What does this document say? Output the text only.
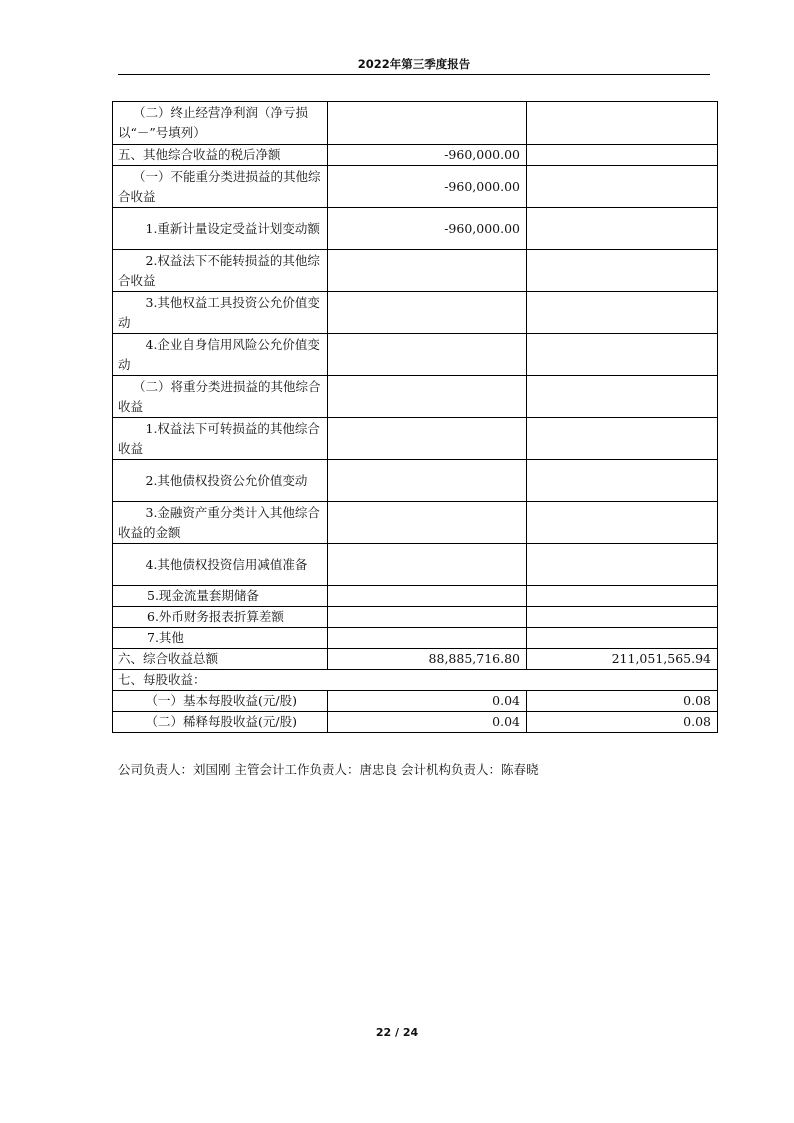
2022年第三季度报告
（二）终止经营净利润（净亏损以“－”号填列）		
五、其他综合收益的税后净额	-960,000.00	
（一）不能重分类进损益的其他综合收益	-960,000.00	
1.重新计量设定受益计划变动额	-960,000.00	
2.权益法下不能转损益的其他综合收益		
3.其他权益工具投资公允价值变动		
4.企业自身信用风险公允价值变动		
（二）将重分类进损益的其他综合收益		
1.权益法下可转损益的其他综合收益		
2.其他债权投资公允价值变动		
3.金融资产重分类计入其他综合收益的金额		
4.其他债权投资信用减值准备		
5.现金流量套期储备		
6.外币财务报表折算差额		
7.其他		
六、综合收益总额	88,885,716.80	211,051,565.94
七、每股收益：		
（一）基本每股收益(元/股)	0.04	0.08
（二）稀释每股收益(元/股)	0.04	0.08
公司负责人：刘国刚 主管会计工作负责人：唐忠良 会计机构负责人：陈春晓
22 / 24
